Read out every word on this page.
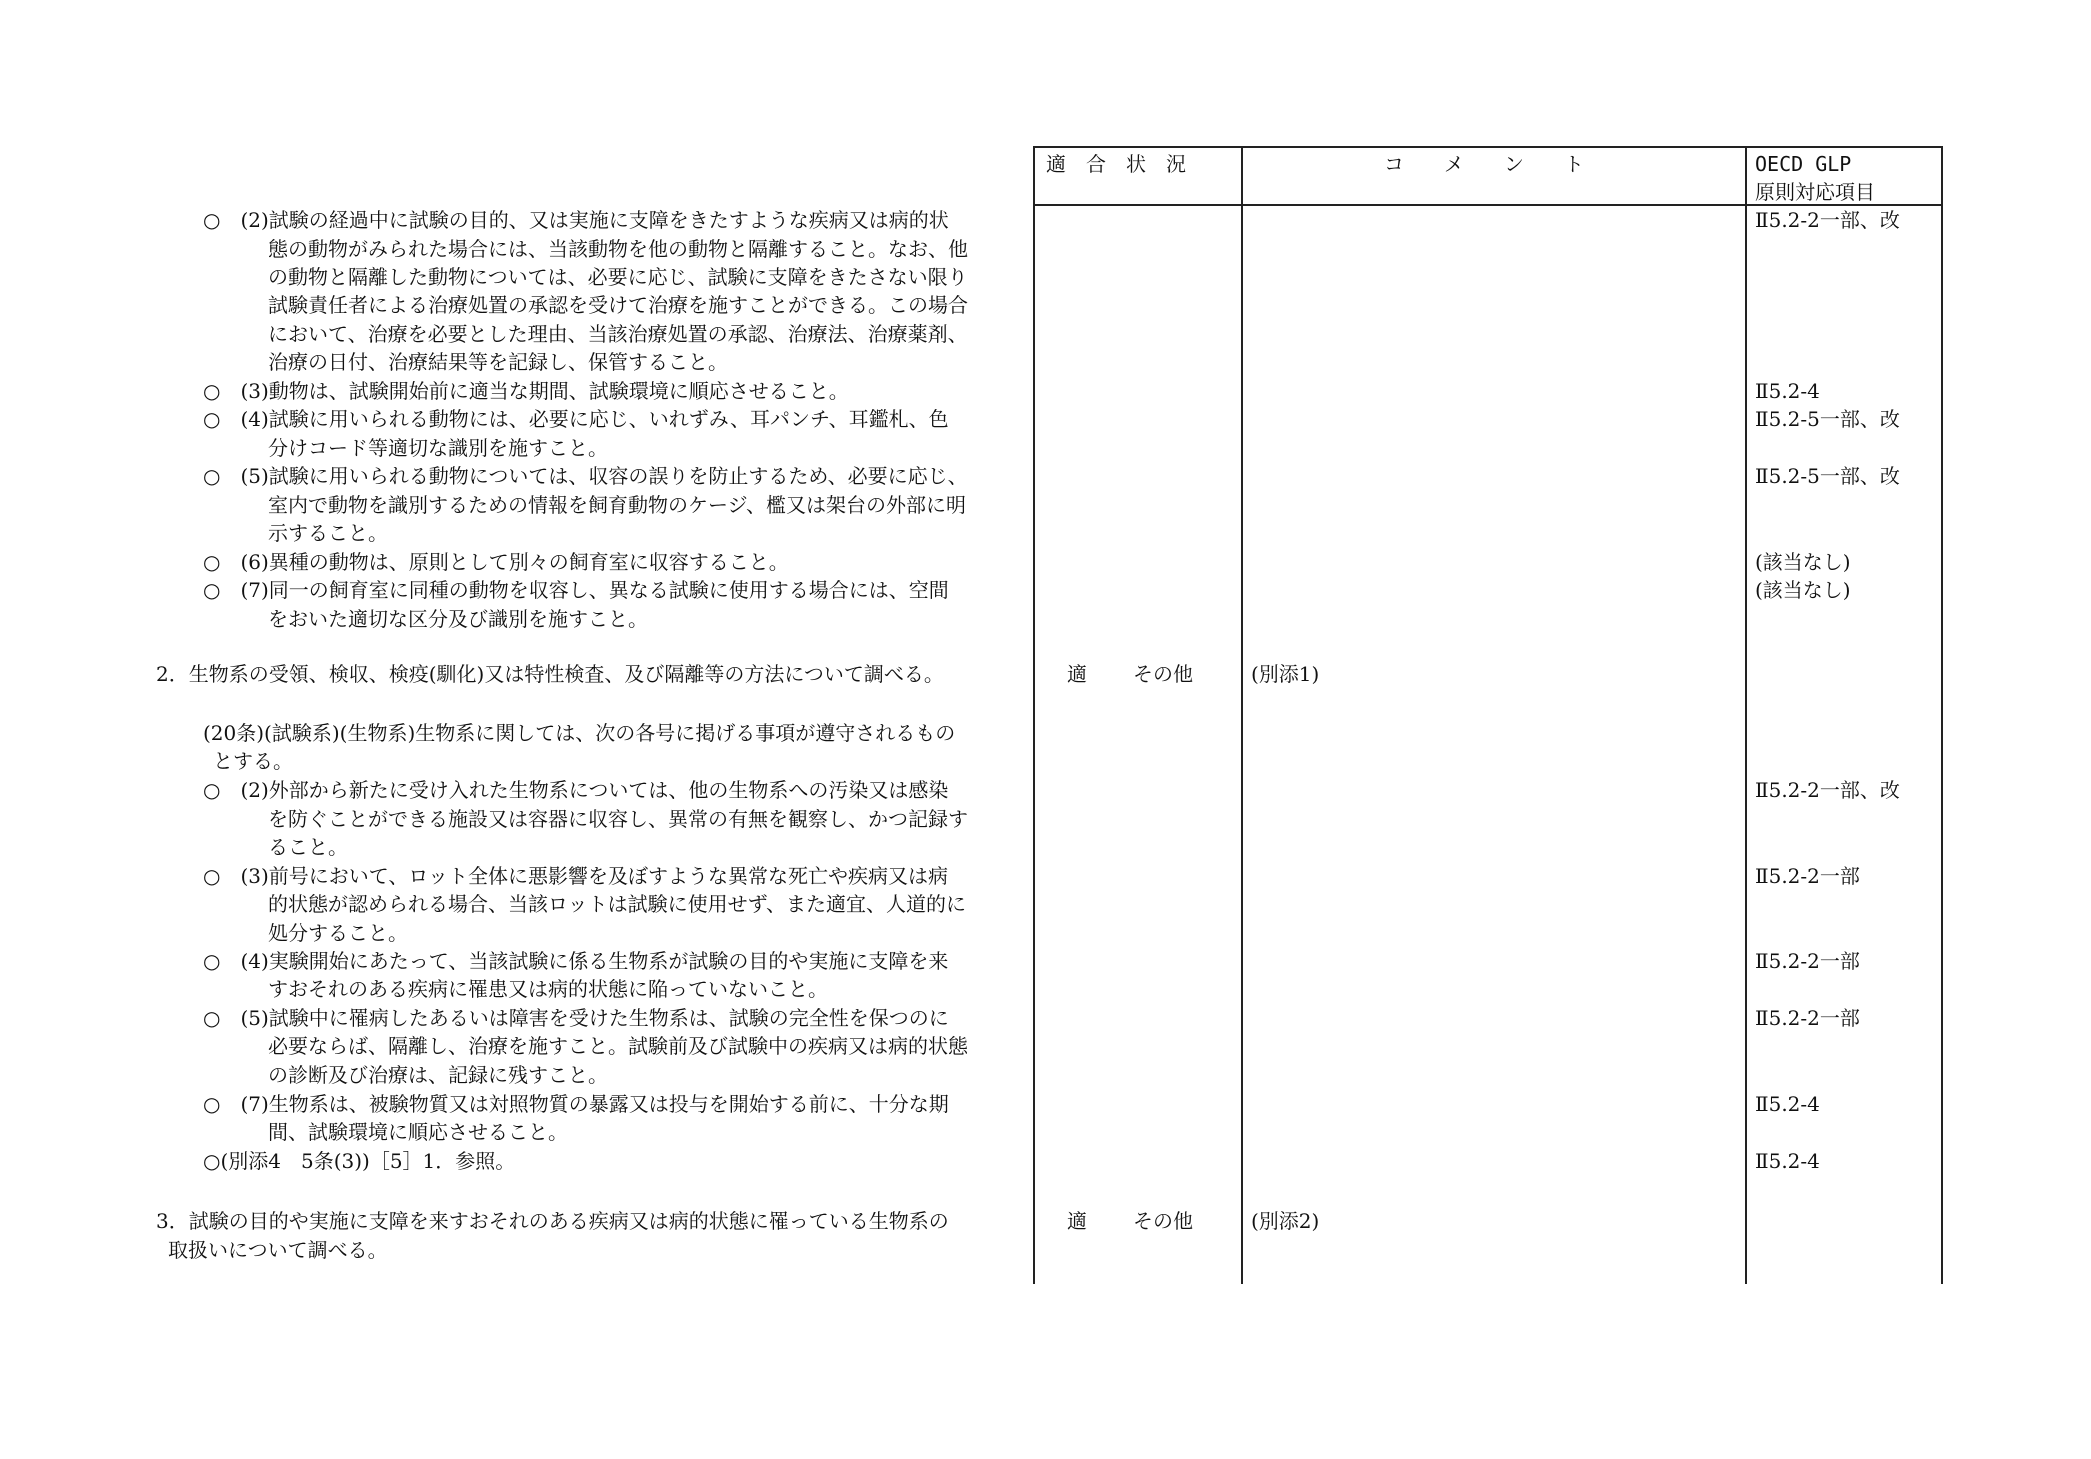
適　合　状　況	コ　　メ　　ン　　ト	OECD GLP
原則対応項目
○　(2)試験の経過中に試験の目的、又は実施に支障をきたすような疾病又は病的状
態の動物がみられた場合には、当該動物を他の動物と隔離すること。なお、他
の動物と隔離した動物については、必要に応じ、試験に支障をきたさない限り
試験責任者による治療処置の承認を受けて治療を施すことができる。この場合
において、治療を必要とした理由、当該治療処置の承認、治療法、治療薬剤、
治療の日付、治療結果等を記録し、保管すること。
○　(3)動物は、試験開始前に適当な期間、試験環境に順応させること。
○　(4)試験に用いられる動物には、必要に応じ、いれずみ、耳パンチ、耳鑑札、色
分けコード等適切な識別を施すこと。
○　(5)試験に用いられる動物については、収容の誤りを防止するため、必要に応じ、
室内で動物を識別するための情報を飼育動物のケージ、檻又は架台の外部に明
示すること。
○　(6)異種の動物は、原則として別々の飼育室に収容すること。
○　(7)同一の飼育室に同種の動物を収容し、異なる試験に使用する場合には、空間
をおいた適切な区分及び識別を施すこと。
2．生物系の受領、検収、検疫(馴化)又は特性検査、及び隔離等の方法について調べる。
(20条)(試験系)(生物系)生物系に関しては、次の各号に掲げる事項が遵守されるもの
とする。
○　(2)外部から新たに受け入れた生物系については、他の生物系への汚染又は感染
を防ぐことができる施設又は容器に収容し、異常の有無を観察し、かつ記録す
ること。
○　(3)前号において、ロット全体に悪影響を及ぼすような異常な死亡や疾病又は病
的状態が認められる場合、当該ロットは試験に使用せず、また適宜、人道的に
処分すること。
○　(4)実験開始にあたって、当該試験に係る生物系が試験の目的や実施に支障を来
すおそれのある疾病に罹患又は病的状態に陥っていないこと。
○　(5)試験中に罹病したあるいは障害を受けた生物系は、試験の完全性を保つのに
必要ならば、隔離し、治療を施すこと。試験前及び試験中の疾病又は病的状態
の診断及び治療は、記録に残すこと。
○　(7)生物系は、被験物質又は対照物質の暴露又は投与を開始する前に、十分な期
間、試験環境に順応させること。
○(別添4　5条(3))［5］1．参照。
3．試験の目的や実施に支障を来すおそれのある疾病又は病的状態に罹っている生物系の
取扱いについて調べる。
適 その他
適 その他
(別添1)
(別添2)
Ⅱ5.2-2一部、改
Ⅱ5.2-4
Ⅱ5.2-5一部、改
Ⅱ5.2-5一部、改
(該当なし)
(該当なし)
Ⅱ5.2-2一部、改
Ⅱ5.2-2一部
Ⅱ5.2-2一部
Ⅱ5.2-2一部
Ⅱ5.2-4
Ⅱ5.2-4
